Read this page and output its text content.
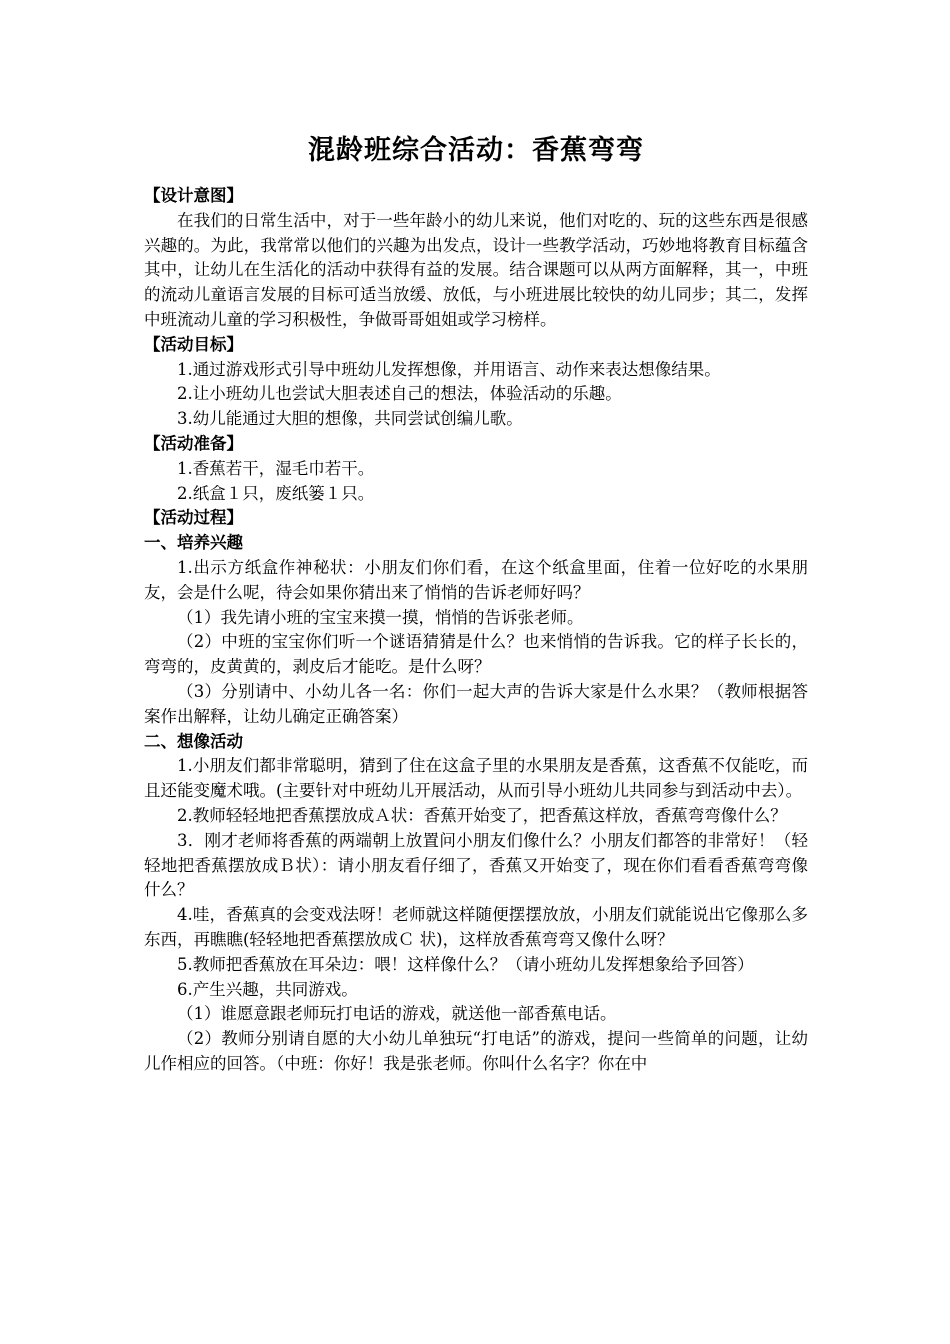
混龄班综合活动：香蕉弯弯

【设计意图】

在我们的日常生活中，对于一些年龄小的幼儿来说，他们对吃的、玩的这些东西是很感兴趣的。为此，我常常以他们的兴趣为出发点，设计一些教学活动，巧妙地将教育目标蕴含其中，让幼儿在生活化的活动中获得有益的发展。结合课题可以从两方面解释，其一，中班的流动儿童语言发展的目标可适当放缓、放低，与小班进展比较快的幼儿同步；其二，发挥中班流动儿童的学习积极性，争做哥哥姐姐或学习榜样。

【活动目标】

1.通过游戏形式引导中班幼儿发挥想像，并用语言、动作来表达想像结果。

2.让小班幼儿也尝试大胆表述自己的想法，体验活动的乐趣。

3.幼儿能通过大胆的想像，共同尝试创编儿歌。

【活动准备】

1.香蕉若干，湿毛巾若干。

2.纸盒１只，废纸篓１只。

【活动过程】

一、培养兴趣

1.出示方纸盒作神秘状：小朋友们你们看，在这个纸盒里面，住着一位好吃的水果朋友，会是什么呢，待会如果你猜出来了悄悄的告诉老师好吗？

（1）我先请小班的宝宝来摸一摸，悄悄的告诉张老师。

（2）中班的宝宝你们听一个谜语猜猜是什么？也来悄悄的告诉我。它的样子长长的，弯弯的，皮黄黄的，剥皮后才能吃。是什么呀？

（3）分别请中、小幼儿各一名：你们一起大声的告诉大家是什么水果？（教师根据答案作出解释，让幼儿确定正确答案）

二、想像活动

1.小朋友们都非常聪明，猜到了住在这盒子里的水果朋友是香蕉，这香蕉不仅能吃，而且还能变魔术哦。(主要针对中班幼儿开展活动，从而引导小班幼儿共同参与到活动中去）。

2.教师轻轻地把香蕉摆放成Ａ状：香蕉开始变了，把香蕉这样放，香蕉弯弯像什么？

3．刚才老师将香蕉的两端朝上放置问小朋友们像什么？小朋友们都答的非常好！（轻轻地把香蕉摆放成Ｂ状）：请小朋友看仔细了，香蕉又开始变了，现在你们看看香蕉弯弯像什么？

4.哇，香蕉真的会变戏法呀！老师就这样随便摆摆放放，小朋友们就能说出它像那么多东西，再瞧瞧(轻轻地把香蕉摆放成Ｃ 状)，这样放香蕉弯弯又像什么呀？

5.教师把香蕉放在耳朵边：喂！这样像什么？（请小班幼儿发挥想象给予回答）

6.产生兴趣，共同游戏。

（1）谁愿意跟老师玩打电话的游戏，就送他一部香蕉电话。

（2）教师分别请自愿的大小幼儿单独玩“打电话”的游戏，提问一些简单的问题，让幼儿作相应的回答。（中班：你好！我是张老师。你叫什么名字？你在中
